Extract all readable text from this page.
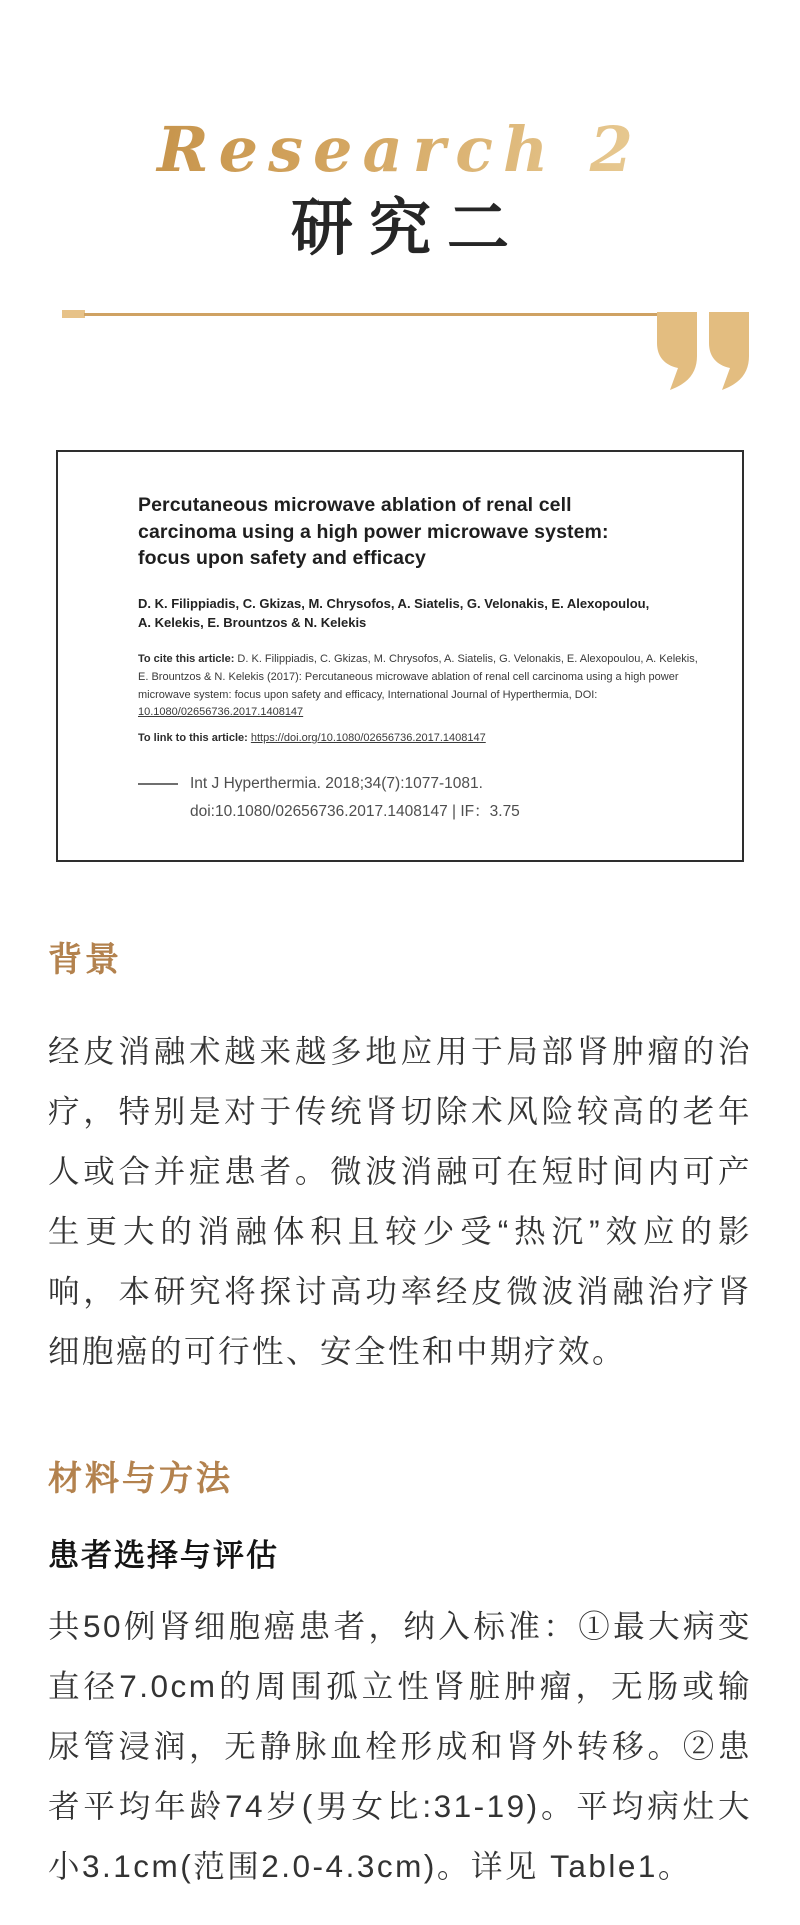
Research 2
研究二
Percutaneous microwave ablation of renal cell carcinoma using a high power microwave system: focus upon safety and efficacy
D. K. Filippiadis, C. Gkizas, M. Chrysofos, A. Siatelis, G. Velonakis, E. Alexopoulou, A. Kelekis, E. Brountzos & N. Kelekis
To cite this article: D. K. Filippiadis, C. Gkizas, M. Chrysofos, A. Siatelis, G. Velonakis, E. Alexopoulou, A. Kelekis, E. Brountzos & N. Kelekis (2017): Percutaneous microwave ablation of renal cell carcinoma using a high power microwave system: focus upon safety and efficacy, International Journal of Hyperthermia, DOI: 10.1080/02656736.2017.1408147
To link to this article: https://doi.org/10.1080/02656736.2017.1408147
Int J Hyperthermia. 2018;34(7):1077-1081.
doi:10.1080/02656736.2017.1408147 | IF：3.75
背景
经皮消融术越来越多地应用于局部肾肿瘤的治疗，特别是对于传统肾切除术风险较高的老年人或合并症患者。微波消融可在短时间内可产生更大的消融体积且较少受“热沉”效应的影响，本研究将探讨高功率经皮微波消融治疗肾细胞癌的可行性、安全性和中期疗效。
材料与方法
患者选择与评估
共50例肾细胞癌患者，纳入标准：①最大病变直径7.0cm的周围孤立性肾脏肿瘤，无肠或输尿管浸润，无静脉血栓形成和肾外转移。②患者平均年龄74岁(男女比:31-19)。平均病灶大小3.1cm(范围2.0-4.3cm)。详见 Table1。
